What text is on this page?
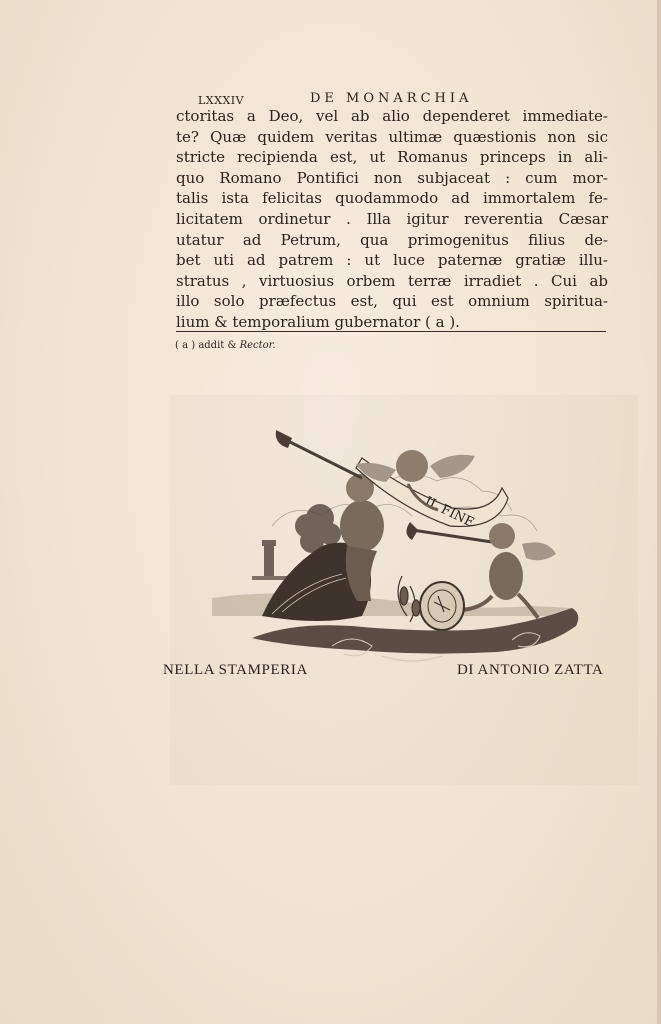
LXXXIV	DE MONARCHIA
ctoritas a Deo, vel ab alio dependeret immediate-
te? Quæ quidem veritas ultimæ quæstionis non sic
stricte recipienda est, ut Romanus princeps in ali-
quo Romano Pontifici non subjaceat : cum mor-
talis ista felicitas quodammodo ad immortalem fe-
licitatem ordinetur . Illa igitur reverentia Cæsar
utatur ad Petrum, qua primogenitus filius de-
bet uti ad patrem : ut luce paternæ gratiæ illu-
stratus , virtuosius orbem terræ irradiet . Cui ab
illo solo præfectus est, qui est omnium spiritua-
lium & temporalium gubernator ( a ).
( a ) addit & Rector.
IL FINE
NELLA STAMPERIA	DI ANTONIO ZATTA
